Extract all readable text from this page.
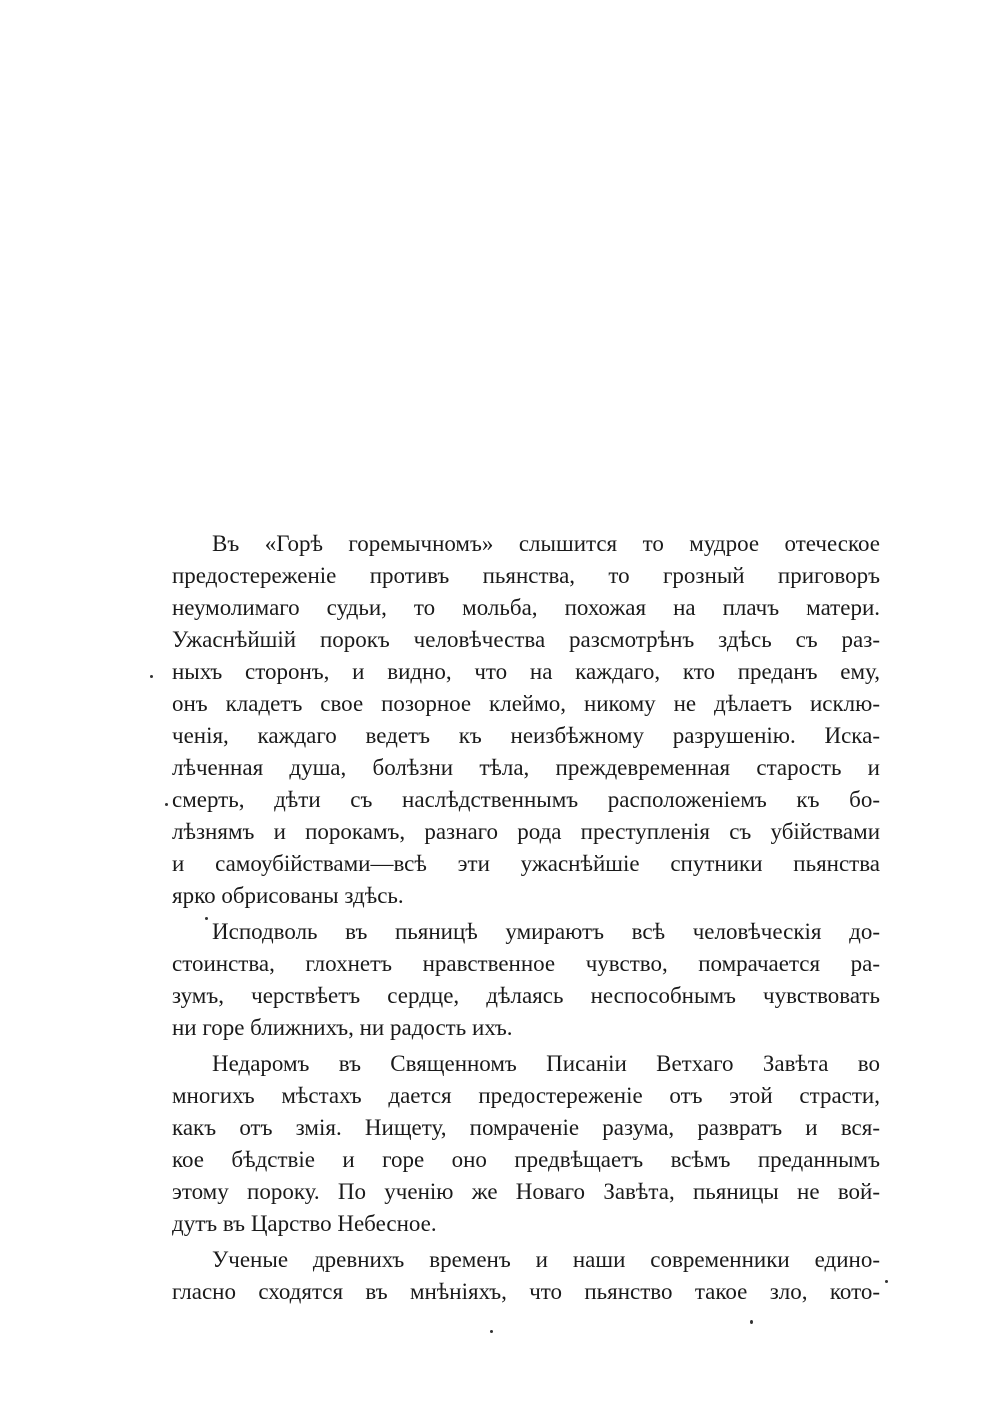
Въ «Горѣ горемычномъ» слышится то мудрое отеческое
предостереженіе противъ пьянства, то грозный приговоръ
неумолимаго судьи, то мольба, похожая на плачъ матери.
Ужаснѣйшій порокъ человѣчества разсмотрѣнъ здѣсь съ раз-
ныхъ сторонъ, и видно, что на каждаго, кто преданъ ему,
онъ кладетъ свое позорное клеймо, никому не дѣлаетъ исклю-
ченія, каждаго ведетъ къ неизбѣжному разрушенію. Иска-
лѣченная душа, болѣзни тѣла, преждевременная старость и
смерть, дѣти съ наслѣдственнымъ расположеніемъ къ бо-
лѣзнямъ и порокамъ, разнаго рода преступленія съ убійствами
и самоубійствами—всѣ эти ужаснѣйшіе спутники пьянства
ярко обрисованы здѣсь.
Исподволь въ пьяницѣ умираютъ всѣ человѣческія до-
стоинства, глохнетъ нравственное чувство, помрачается ра-
зумъ, черствѣетъ сердце, дѣлаясь неспособнымъ чувствовать
ни горе ближнихъ, ни радость ихъ.
Недаромъ въ Священномъ Писаніи Ветхаго Завѣта во
многихъ мѣстахъ дается предостереженіе отъ этой страсти,
какъ отъ змія. Нищету, помраченіе разума, развратъ и вся-
кое бѣдствіе и горе оно предвѣщаетъ всѣмъ преданнымъ
этому пороку. По ученію же Новаго Завѣта, пьяницы не вой-
дутъ въ Царство Небесное.
Ученые древнихъ временъ и наши современники едино-
гласно сходятся въ мнѣніяхъ, что пьянство такое зло, кото-
